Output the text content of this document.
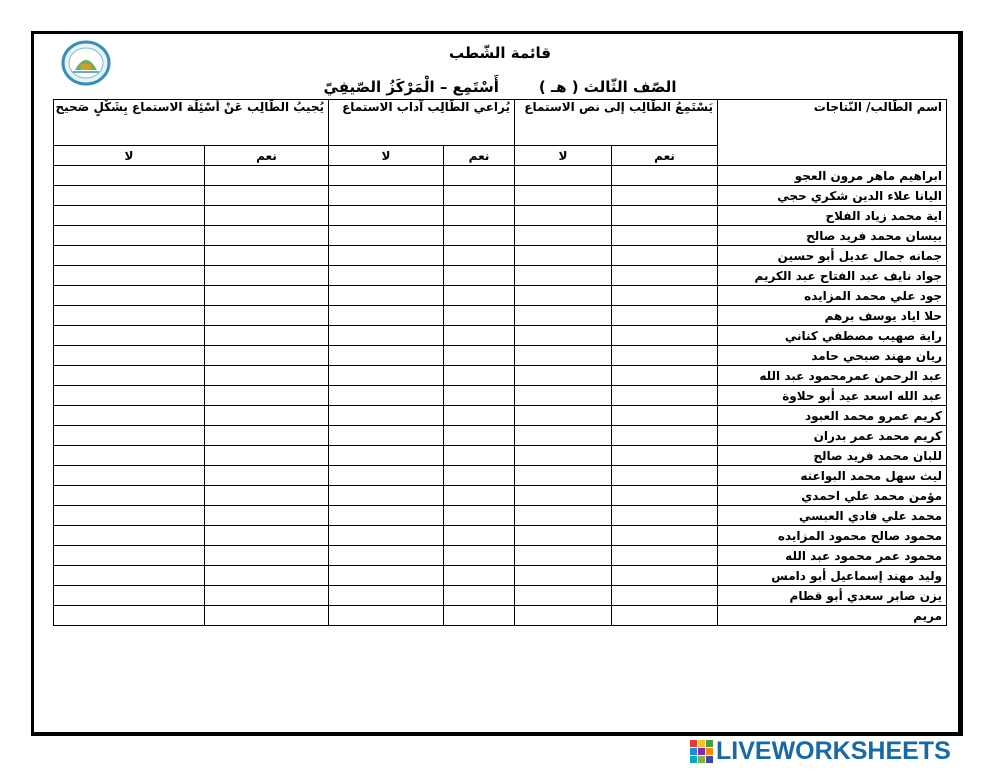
قائمة الشّطب
الصّف الثّالث ( هـ )أَسْتَمِع – الْمَرْكَزُ الصّيفِيّ
اسم الطّالب/ النّتاجات	يَسْتَمِعُ الطّالِب إلى نص الاستماع		يُراعي الطّالِب آداب الاستماع		يُجيبُ الطّالِب عَنْ أَسْئِلَة الاستماع بِشَكْلٍ صَحيح	
	نعم	لا	نعم	لا	نعم	لا
ابراهيم ماهر مرون العجو						
اليانا علاء الدين شكري حجي						
اية محمد زياد الفلاح						
بيسان محمد فريد صالح						
جمانه جمال عديل أبو حسين						
جواد نايف عبد الفتاح عبد الكريم						
جود علي محمد المزايده						
حلا اياد يوسف برهم						
راية صهيب مصطفي كناني						
ريان مهند صبحي حامد						
عبد الرحمن عمرمحمود عبد الله						
عبد الله اسعد عيد أبو حلاوة						
كريم عمرو محمد العبود						
كريم محمد عمر بدران						
للبان محمد فريد صالح						
ليث سهل محمد البواعنه						
مؤمن محمد علي احمدي						
محمد علي فادي العبسي						
محمود صالح محمود المزايده						
محمود عمر محمود عبد الله						
وليد مهند إسماعيل أبو دامس						
يزن صابر سعدي أبو قطام						
مريم						
LIVEWORKSHEETS
